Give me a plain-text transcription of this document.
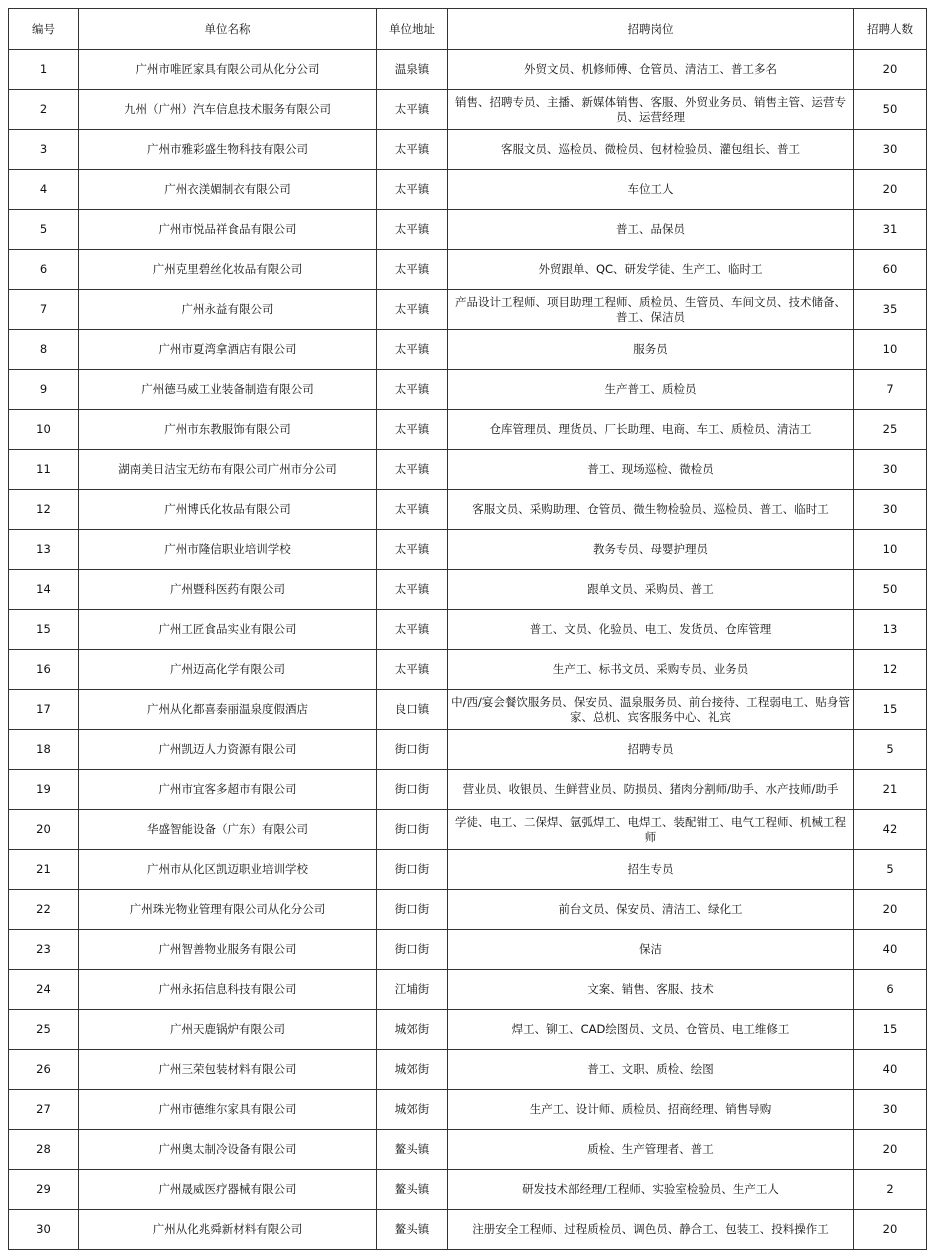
编号	单位名称	单位地址	招聘岗位	招聘人数
1	广州市唯匠家具有限公司从化分公司	温泉镇	外贸文员、机修师傅、仓管员、清洁工、普工多名	20
2	九州（广州）汽车信息技术服务有限公司	太平镇	销售、招聘专员、主播、新媒体销售、客服、外贸业务员、销售主管、运营专员、运营经理	50
3	广州市雅彩盛生物科技有限公司	太平镇	客服文员、巡检员、微检员、包材检验员、灌包组长、普工	30
4	广州衣渼媚制衣有限公司	太平镇	车位工人	20
5	广州市悦品祥食品有限公司	太平镇	普工、品保员	31
6	广州克里碧丝化妆品有限公司	太平镇	外贸跟单、QC、研发学徒、生产工、临时工	60
7	广州永益有限公司	太平镇	产品设计工程师、项目助理工程师、质检员、生管员、车间文员、技术储备、普工、保洁员	35
8	广州市夏湾拿酒店有限公司	太平镇	服务员	10
9	广州德马威工业装备制造有限公司	太平镇	生产普工、质检员	7
10	广州市东教服饰有限公司	太平镇	仓库管理员、理货员、厂长助理、电商、车工、质检员、清洁工	25
11	湖南美日洁宝无纺布有限公司广州市分公司	太平镇	普工、现场巡检、微检员	30
12	广州博氏化妆品有限公司	太平镇	客服文员、采购助理、仓管员、微生物检验员、巡检员、普工、临时工	30
13	广州市隆信职业培训学校	太平镇	教务专员、母婴护理员	10
14	广州暨科医药有限公司	太平镇	跟单文员、采购员、普工	50
15	广州工匠食品实业有限公司	太平镇	普工、文员、化验员、电工、发货员、仓库管理	13
16	广州迈高化学有限公司	太平镇	生产工、标书文员、采购专员、业务员	12
17	广州从化都喜泰丽温泉度假酒店	良口镇	中/西/宴会餐饮服务员、保安员、温泉服务员、前台接待、工程弱电工、贴身管家、总机、宾客服务中心、礼宾	15
18	广州凯迈人力资源有限公司	街口街	招聘专员	5
19	广州市宜客多超市有限公司	街口街	营业员、收银员、生鲜营业员、防损员、猪肉分割师/助手、水产技师/助手	21
20	华盛智能设备（广东）有限公司	街口街	学徒、电工、二保焊、氩弧焊工、电焊工、装配钳工、电气工程师、机械工程师	42
21	广州市从化区凯迈职业培训学校	街口街	招生专员	5
22	广州珠光物业管理有限公司从化分公司	街口街	前台文员、保安员、清洁工、绿化工	20
23	广州智善物业服务有限公司	街口街	保洁	40
24	广州永拓信息科技有限公司	江埔街	文案、销售、客服、技术	6
25	广州天鹿锅炉有限公司	城郊街	焊工、铆工、CAD绘图员、文员、仓管员、电工维修工	15
26	广州三荣包装材料有限公司	城郊街	普工、文职、质检、绘图	40
27	广州市德维尔家具有限公司	城郊街	生产工、设计师、质检员、招商经理、销售导购	30
28	广州奥太制冷设备有限公司	鳌头镇	质检、生产管理者、普工	20
29	广州晟威医疗器械有限公司	鳌头镇	研发技术部经理/工程师、实验室检验员、生产工人	2
30	广州从化兆舜新材料有限公司	鳌头镇	注册安全工程师、过程质检员、调色员、静合工、包装工、投料操作工	20
